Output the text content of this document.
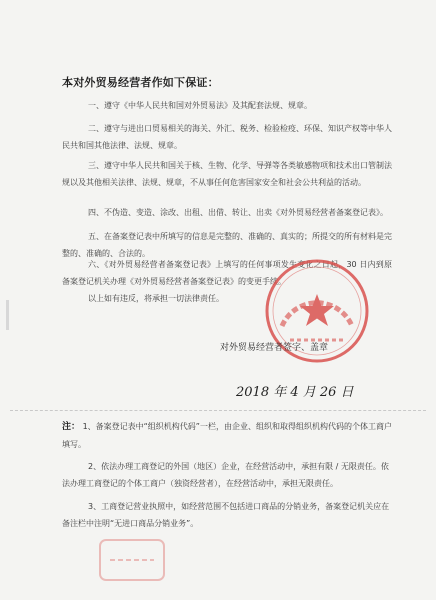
本对外贸易经营者作如下保证：
一、遵守《中华人民共和国对外贸易法》及其配套法规、规章。
二、遵守与进出口贸易相关的海关、外汇、税务、检验检疫、环保、知识产权等中华人民共和国其他法律、法规、规章。
三、遵守中华人民共和国关于核、生物、化学、导弹等各类敏感物项和技术出口管制法规以及其他相关法律、法规、规章，不从事任何危害国家安全和社会公共利益的活动。
四、不伪造、变造、涂改、出租、出借、转让、出卖《对外贸易经营者备案登记表》。
五、在备案登记表中所填写的信息是完整的、准确的、真实的；所提交的所有材料是完整的、准确的、合法的。
六、《对外贸易经营者备案登记表》上填写的任何事项发生变化之日起，30 日内到原备案登记机关办理《对外贸易经营者备案登记表》的变更手续。
以上如有违反，将承担一切法律责任。
对外贸易经营者签字、盖章
2018 年 4 月 26 日
注： 1、备案登记表中“组织机构代码”一栏，由企业、组织和取得组织机构代码的个体工商户填写。
2、依法办理工商登记的外国（地区）企业，在经营活动中，承担有限 / 无限责任。依法办理工商登记的个体工商户（独资经营者），在经营活动中，承担无限责任。
3、工商登记营业执照中，如经营范围不包括进口商品的分销业务，备案登记机关应在备注栏中注明“无进口商品分销业务”。
